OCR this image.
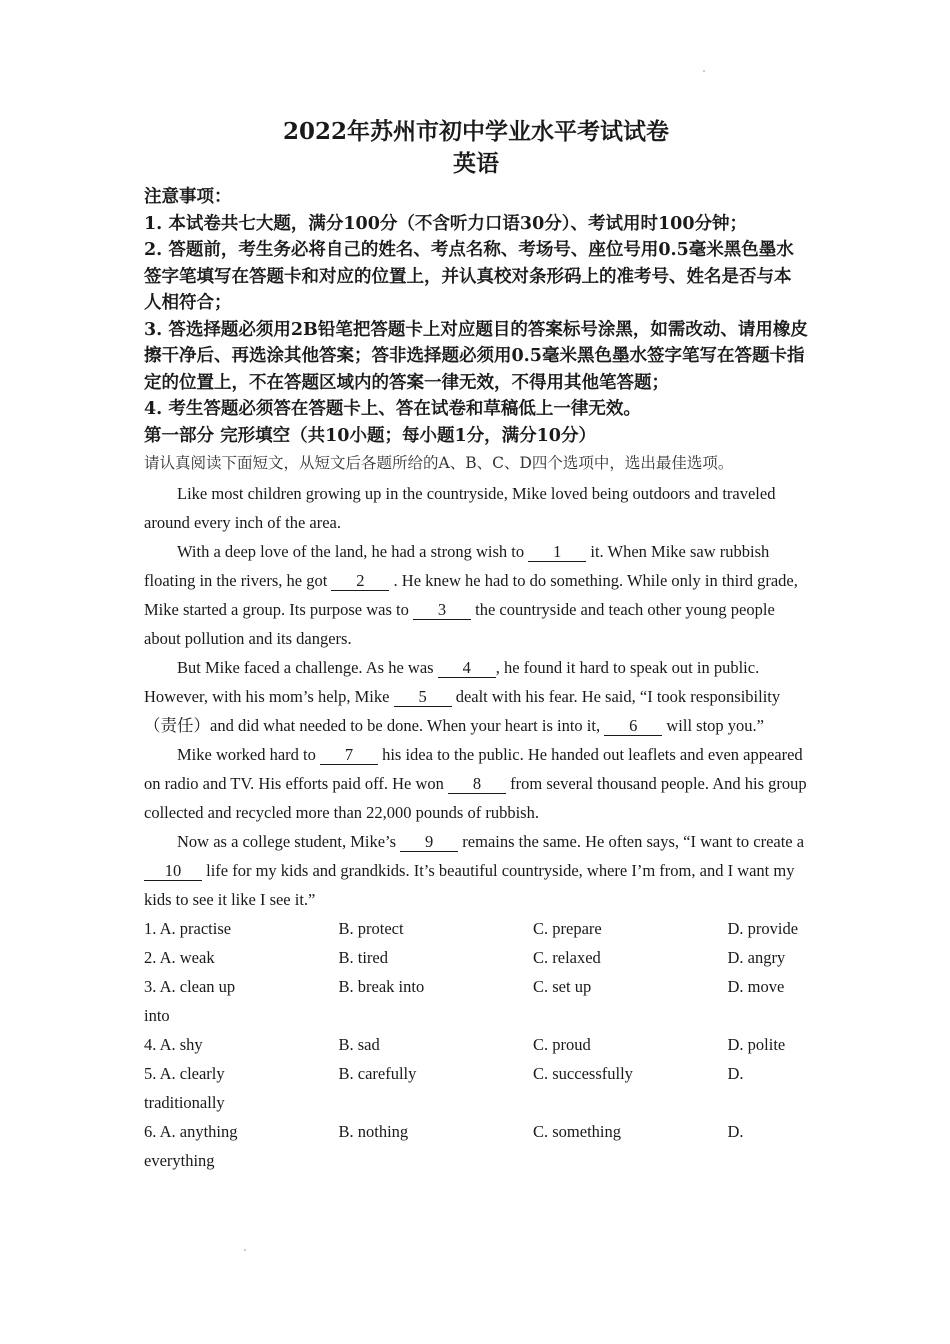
2022年苏州市初中学业水平考试试卷
英语

注意事项：

1. 本试卷共七大题，满分100分（不含听力口语30分）、考试用时100分钟；

2. 答题前，考生务必将自己的姓名、考点名称、考场号、座位号用0.5毫米黑色墨水签字笔填写在答题卡和对应的位置上，并认真校对条形码上的准考号、姓名是否与本人相符合；

3. 答选择题必须用2B铅笔把答题卡上对应题目的答案标号涂黑，如需改动、请用橡皮擦干净后、再选涂其他答案；答非选择题必须用0.5毫米黑色墨水签字笔写在答题卡指定的位置上，不在答题区域内的答案一律无效，不得用其他笔答题；

4. 考生答题必须答在答题卡上、答在试卷和草稿低上一律无效。

第一部分 完形填空（共10小题；每小题1分，满分10分）

请认真阅读下面短文，从短文后各题所给的A、B、C、D四个选项中，选出最佳选项。

Like most children growing up in the countryside, Mike loved being outdoors and traveled around every inch of the area.

With a deep love of the land, he had a strong wish to 1 it. When Mike saw rubbish floating in the rivers, he got 2 . He knew he had to do something. While only in third grade, Mike started a group. Its purpose was to 3 the countryside and teach other young people about pollution and its dangers.

But Mike faced a challenge. As he was 4 , he found it hard to speak out in public. However, with his mom’s help, Mike 5 dealt with his fear. He said, “I took responsibility（责任）and did what needed to be done. When your heart is into it, 6 will stop you.”

Mike worked hard to 7 his idea to the public. He handed out leaflets and even appeared on radio and TV. His efforts paid off. He won 8 from several thousand people. And his group collected and recycled more than 22,000 pounds of rubbish.

Now as a college student, Mike’s 9 remains the same. He often says, “I want to create a 10 life for my kids and grandkids. It’s beautiful countryside, where I’m from, and I want my kids to see it like I see it.”

1. A. practise	B. protect	C. prepare	D. provide
2. A. weak	B. tired	C. relaxed	D. angry
3. A. clean up	B. break into	C. set up	D. move
into
4. A. shy	B. sad	C. proud	D. polite
5. A. clearly	B. carefully	C. successfully	D.
traditionally
6. A. anything	B. nothing	C. something	D.
everything
